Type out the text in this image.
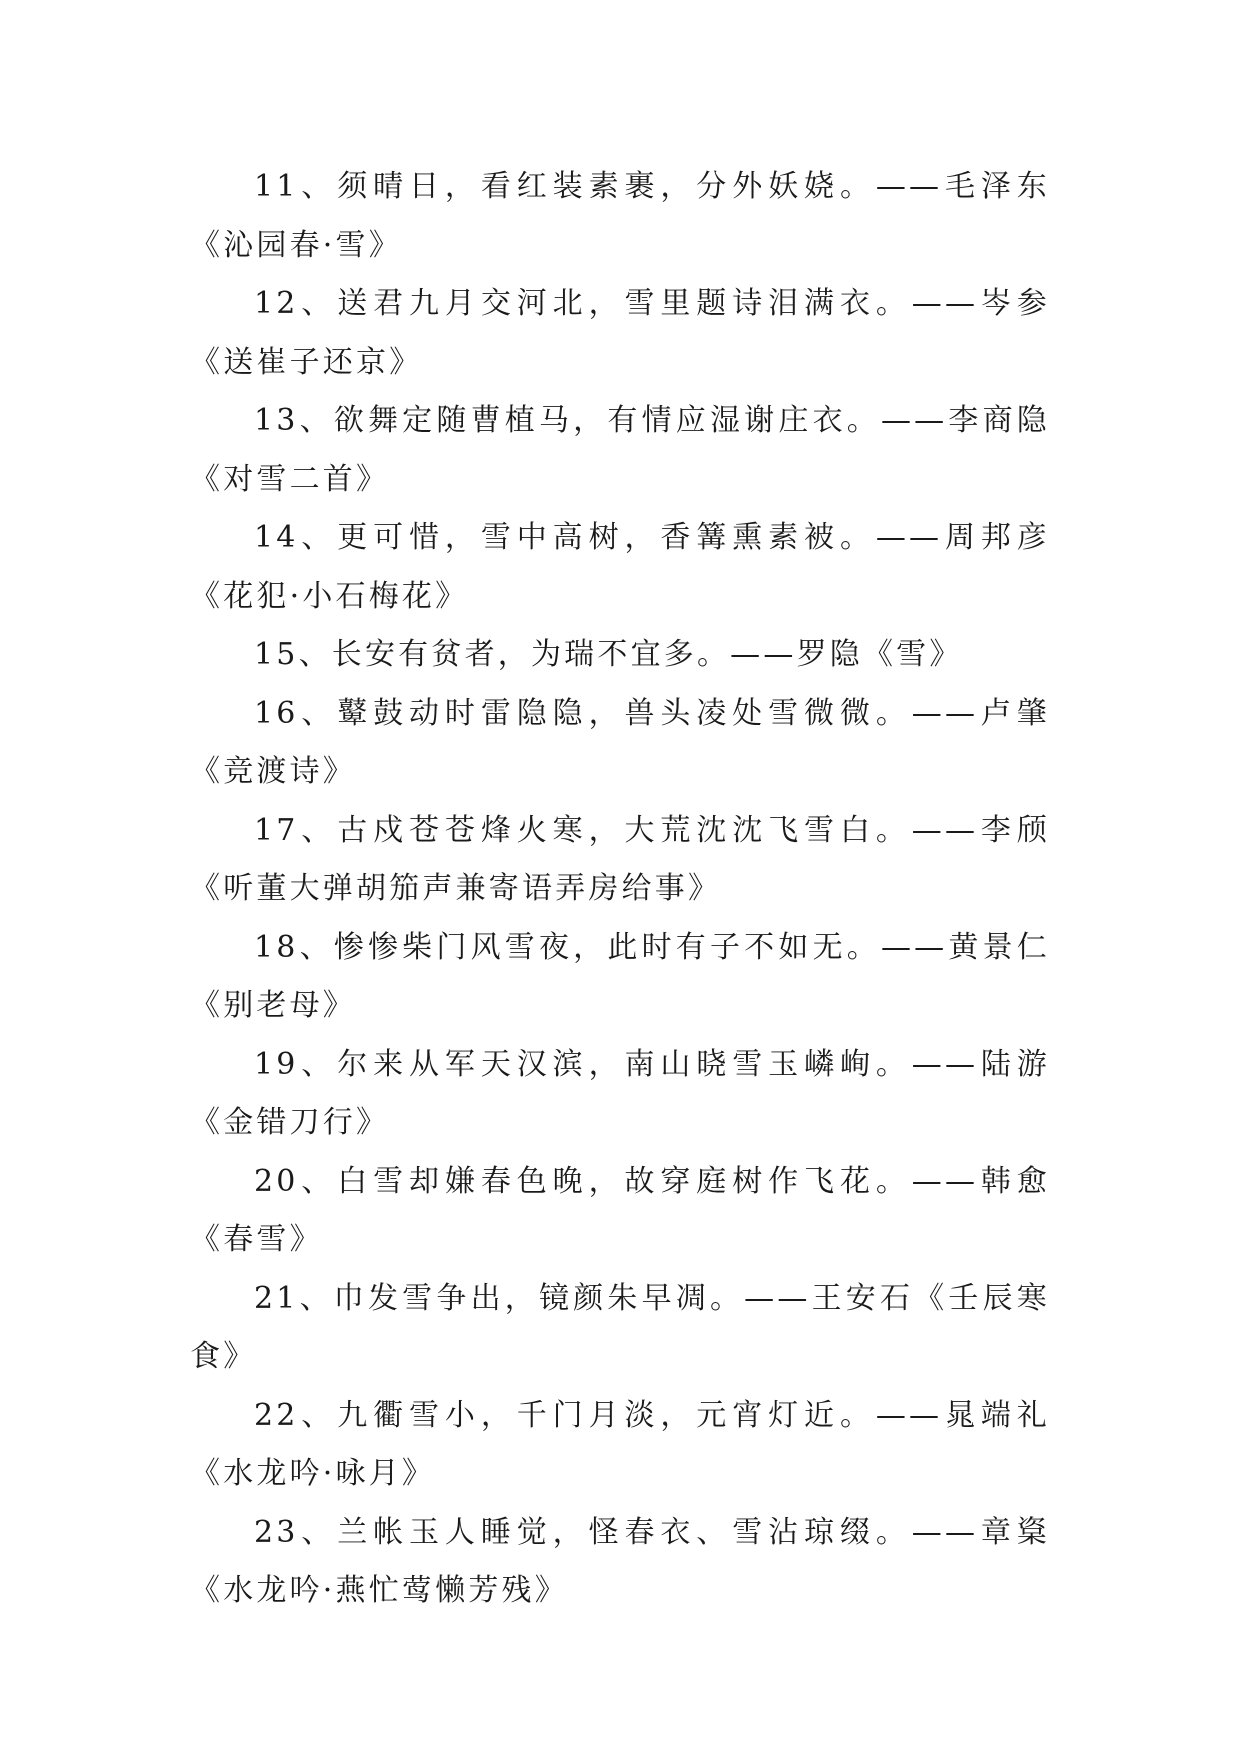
11、须晴日，看红装素裹，分外妖娆。——毛泽东《沁园春·雪》

12、送君九月交河北，雪里题诗泪满衣。——岑参《送崔子还京》

13、欲舞定随曹植马，有情应湿谢庄衣。——李商隐《对雪二首》

14、更可惜，雪中高树，香篝熏素被。——周邦彦《花犯·小石梅花》

15、长安有贫者，为瑞不宜多。——罗隐《雪》

16、鼙鼓动时雷隐隐，兽头凌处雪微微。——卢肇《竞渡诗》

17、古戍苍苍烽火寒，大荒沈沈飞雪白。——李颀《听董大弹胡笳声兼寄语弄房给事》

18、惨惨柴门风雪夜，此时有子不如无。——黄景仁《别老母》

19、尔来从军天汉滨，南山晓雪玉嶙峋。——陆游《金错刀行》

20、白雪却嫌春色晚，故穿庭树作飞花。——韩愈《春雪》

21、巾发雪争出，镜颜朱早凋。——王安石《壬辰寒食》

22、九衢雪小，千门月淡，元宵灯近。——晁端礼《水龙吟·咏月》

23、兰帐玉人睡觉，怪春衣、雪沾琼缀。——章楶《水龙吟·燕忙莺懒芳残》
